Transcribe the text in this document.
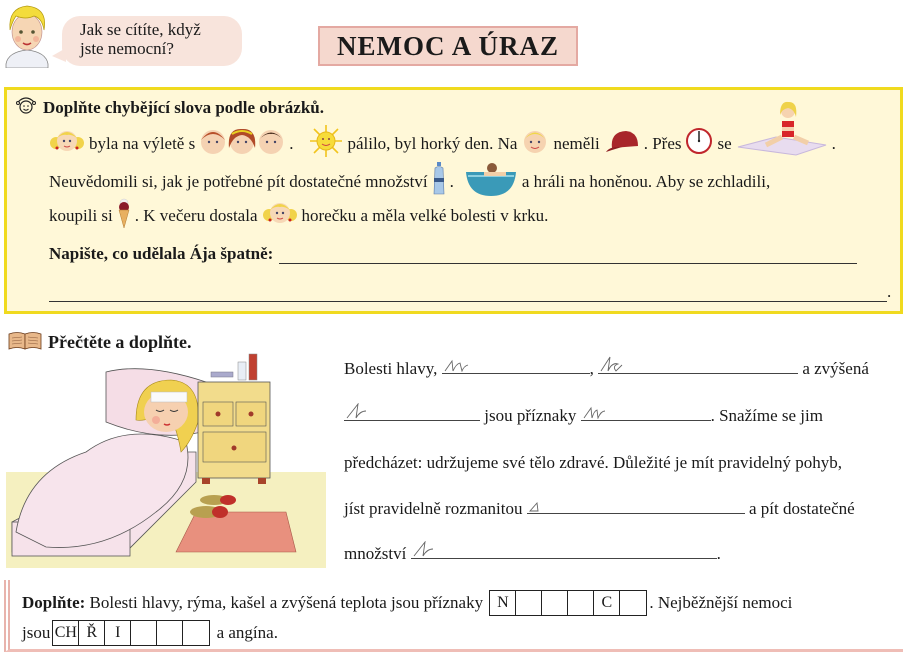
Jak se cítíte, když
jste nemocní?	NEMOC A ÚRAZ
Doplňte chybějící slova podle obrázků.
byla na výletě s	.	pálilo, byl horký den. Na neměli	. Přes se	.
Neuvědomili si, jak je potřebné pít dostatečné množství .	a hráli na honěnou. Aby se zchladili,
koupili si . K večeru dostala	horečku a měla velké bolesti v krku.
Napište, co udělala Ája špatně:
.
Přečtěte a doplňte.
Bolesti hlavy,	,	a zvýšená
jsou příznaky	. Snažíme se jim
předcházet: udržujeme své tělo zdravé. Důležité je mít pravidelný pohyb,
jíst pravidelně rozmanitou	a pít dostatečné
množství	.
Doplňte:
Bolesti hlavy, rýma, kašel a zvýšená teplota jsou příznaky
N	C	. Nejběžnější nemoci
jsou CH Ř	I
	a angína.
